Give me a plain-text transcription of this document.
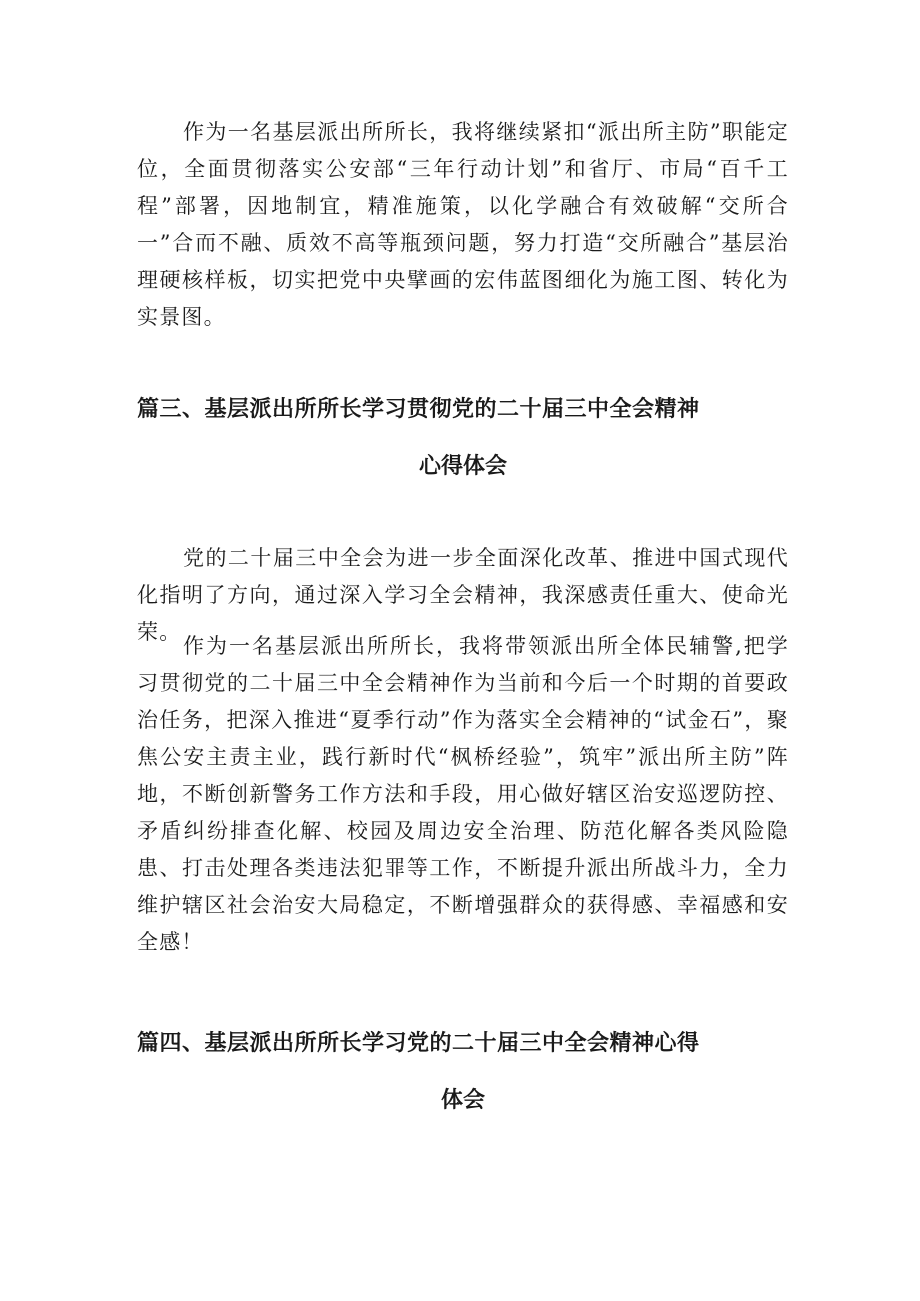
作为一名基层派出所所长，我将继续紧扣“派出所主防”职能定位，全面贯彻落实公安部“三年行动计划”和省厅、市局“百千工程”部署，因地制宜，精准施策，以化学融合有效破解“交所合一”合而不融、质效不高等瓶颈问题，努力打造“交所融合”基层治理硬核样板，切实把党中央擘画的宏伟蓝图细化为施工图、转化为实景图。

篇三、基层派出所所长学习贯彻党的二十届三中全会精神
心得体会

党的二十届三中全会为进一步全面深化改革、推进中国式现代化指明了方向，通过深入学习全会精神，我深感责任重大、使命光荣。

作为一名基层派出所所长，我将带领派出所全体民辅警,把学习贯彻党的二十届三中全会精神作为当前和今后一个时期的首要政治任务，把深入推进“夏季行动”作为落实全会精神的“试金石”，聚焦公安主责主业，践行新时代“枫桥经验”，筑牢”派出所主防”阵地，不断创新警务工作方法和手段，用心做好辖区治安巡逻防控、矛盾纠纷排查化解、校园及周边安全治理、防范化解各类风险隐患、打击处理各类违法犯罪等工作，不断提升派出所战斗力，全力维护辖区社会治安大局稳定，不断增强群众的获得感、幸福感和安全感！

篇四、基层派出所所长学习党的二十届三中全会精神心得
体会
